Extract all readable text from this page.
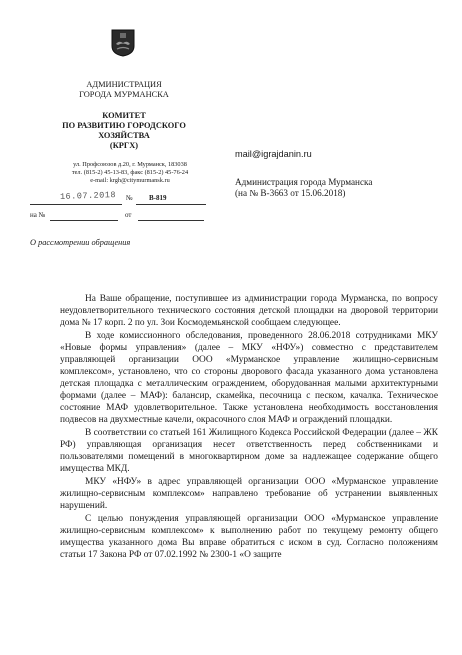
АДМИНИСТРАЦИЯ
ГОРОДА МУРМАНСКА
КОМИТЕТ
ПО РАЗВИТИЮ ГОРОДСКОГО
ХОЗЯЙСТВА
(КРГХ)
ул. Профсоюзов д.20, г. Мурманск, 183038
тел. (815-2) 45-13-83, факс (815-2) 45-76-24
e-mail: krgh@citymurmansk.ru
16.07.2018 № В-819
на №	от
О рассмотрении обращения
mail@igrajdanin.ru
Администрация города Мурманска
(на № В-3663 от 15.06.2018)

На Ваше обращение, поступившее из администрации города Мурманска, по вопросу неудовлетворительного технического состояния детской площадки на дворовой территории дома № 17 корп. 2 по ул. Зои Космодемьянской сообщаем следующее.

В ходе комиссионного обследования, проведенного 28.06.2018 сотрудниками МКУ «Новые формы управления» (далее – МКУ «НФУ») совместно с представителем управляющей организации ООО «Мурманское управление жилищно-сервисным комплексом», установлено, что со стороны дворового фасада указанного дома установлена детская площадка с металлическим ограждением, оборудованная малыми архитектурными формами (далее – МАФ): балансир, скамейка, песочница с песком, качалка. Техническое состояние МАФ удовлетворительное. Также установлена необходимость восстановления подвесов на двухместные качели, окрасочного слоя МАФ и ограждений площадки.

В соответствии со статьей 161 Жилищного Кодекса Российской Федерации (далее – ЖК РФ) управляющая организация несет ответственность перед собственниками и пользователями помещений в многоквартирном доме за надлежащее содержание общего имущества МКД.

МКУ «НФУ» в адрес управляющей организации ООО «Мурманское управление жилищно-сервисным комплексом» направлено требование об устранении выявленных нарушений.

С целью понуждения управляющей организации ООО «Мурманское управление жилищно-сервисным комплексом» к выполнению работ по текущему ремонту общего имущества указанного дома Вы вправе обратиться с иском в суд. Согласно положениям статьи 17 Закона РФ от 07.02.1992 № 2300-1 «О защите
